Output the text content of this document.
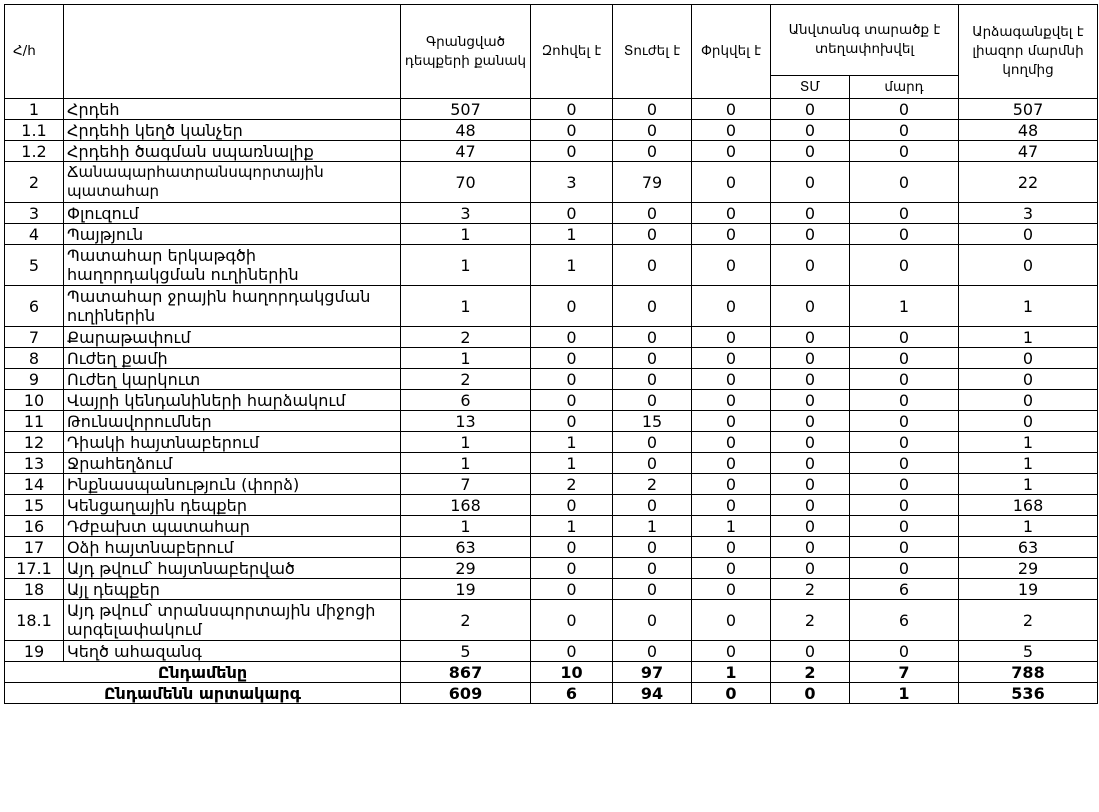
Հ/հ		Գրանցված դեպքերի քանակ	Զոհվել է	Տուժել է	Փրկվել է	Անվտանգ տարածք է տեղափոխվել		Արձագանքվել է լիազոր մարմնի կողմից
						ՏՄ	մարդ	
1	Հրդեհ	507	0	0	0	0	0	507
1.1	Հրդեհի կեղծ կանչեր	48	0	0	0	0	0	48
1.2	Հրդեհի ծագման սպառնալիք	47	0	0	0	0	0	47
2	Ճանապարհատրանսպորտային պատահար	70	3	79	0	0	0	22
3	Փլուզում	3	0	0	0	0	0	3
4	Պայթյուն	1	1	0	0	0	0	0
5	Պատահար երկաթգծի հաղորդակցման ուղիներին	1	1	0	0	0	0	0
6	Պատահար ջրային հաղորդակցման ուղիներին	1	0	0	0	0	1	1
7	Քարաթափում	2	0	0	0	0	0	1
8	Ուժեղ քամի	1	0	0	0	0	0	0
9	Ուժեղ կարկուտ	2	0	0	0	0	0	0
10	Վայրի կենդանիների հարձակում	6	0	0	0	0	0	0
11	Թունավորումներ	13	0	15	0	0	0	0
12	Դիակի հայտնաբերում	1	1	0	0	0	0	1
13	Ջրահեղձում	1	1	0	0	0	0	1
14	Ինքնասպանություն (փորձ)	7	2	2	0	0	0	1
15	Կենցաղային դեպքեր	168	0	0	0	0	0	168
16	Դժբախտ պատահար	1	1	1	1	0	0	1
17	Օձի հայտնաբերում	63	0	0	0	0	0	63
17.1	Այդ թվում՝ հայտնաբերված	29	0	0	0	0	0	29
18	Այլ դեպքեր	19	0	0	0	2	6	19
18.1	Այդ թվում՝ տրանսպորտային միջոցի արգելափակում	2	0	0	0	2	6	2
19	Կեղծ ահազանգ	5	0	0	0	0	0	5
Ընդամենը		867	10	97	1	2	7	788
Ընդամենն արտակարգ		609	6	94	0	0	1	536
